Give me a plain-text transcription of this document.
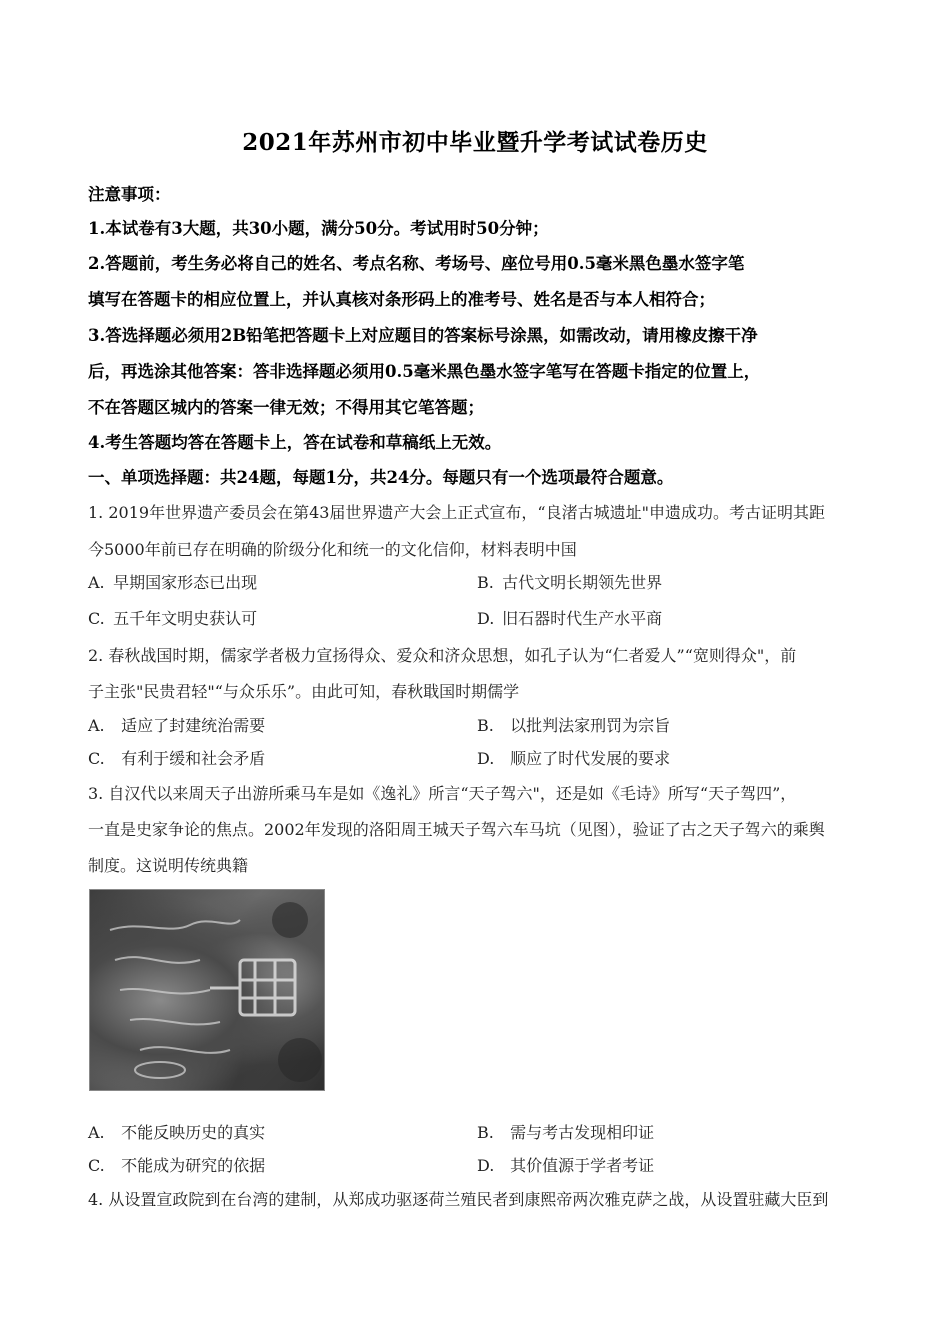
2021年苏州市初中毕业暨升学考试试卷历史
注意事项：
1.本试卷有3大题，共30小题，满分50分。考试用时50分钟；
2.答题前，考生务必将自己的姓名、考点名称、考场号、座位号用0.5毫米黑色墨水签字笔
填写在答题卡的相应位置上，并认真核对条形码上的准考号、姓名是否与本人相符合；
3.答选择题必须用2B铅笔把答题卡上对应题目的答案标号涂黑，如需改动，请用橡皮擦干净
后，再选涂其他答案：答非选择题必须用0.5毫米黑色墨水签字笔写在答题卡指定的位置上，
不在答题区城内的答案一律无效；不得用其它笔答题；
4.考生答题均答在答题卡上，答在试卷和草稿纸上无效。
一、单项选择题：共24题，每题1分，共24分。每题只有一个选项最符合题意。
1. 2019年世界遗产委员会在第43届世界遗产大会上正式宣布，“良渚古城遗址"申遗成功。考古证明其距
今5000年前已存在明确的阶级分化和统一的文化信仰，材料表明中国
A. 早期国家形态已出现	B. 古代文明长期领先世界
C. 五千年文明史获认可	D. 旧石器时代生产水平商
2. 春秋战国时期，儒家学者极力宣扬得众、爱众和济众思想，如孔子认为“仁者爱人”“宽则得众"，前
子主张"民贵君轻"“与众乐乐”。由此可知，春秋戢国时期儒学
A. 适应了封建统治需要	B. 以批判法家刑罚为宗旨
C. 有利于缓和社会矛盾	D. 顺应了时代发展的要求
3. 自汉代以来周天子出游所乘马车是如《逸礼》所言“天子驾六"，还是如《毛诗》所写“天子驾四”，
一直是史家争论的焦点。2002年发现的洛阳周王城天子驾六车马坑（见图），验证了古之天子驾六的乘舆
制度。这说明传统典籍
A. 不能反映历史的真实	B. 需与考古发现相印证
C. 不能成为研究的依据	D. 其价值源于学者考证
4. 从设置宣政院到在台湾的建制，从郑成功驱逐荷兰殖民者到康熙帝两次雅克萨之战，从设置驻藏大臣到
